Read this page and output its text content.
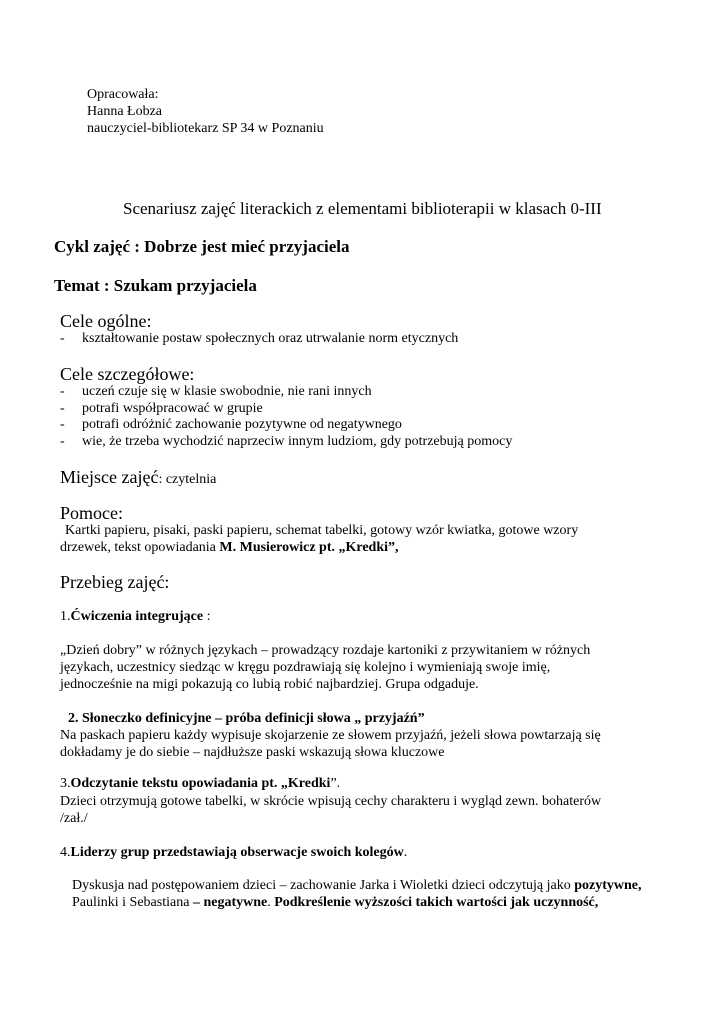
Opracowała:
Hanna Łobza
nauczyciel-bibliotekarz SP 34 w Poznaniu
Scenariusz zajęć literackich z elementami biblioterapii w klasach 0-III
Cykl zajęć : Dobrze jest mieć przyjaciela
Temat : Szukam przyjaciela
Cele ogólne:
- kształtowanie postaw społecznych oraz utrwalanie norm etycznych
Cele szczegółowe:
- uczeń czuje się w klasie swobodnie, nie rani innych
- potrafi współpracować w grupie
- potrafi odróżnić zachowanie pozytywne od negatywnego
- wie, że trzeba wychodzić naprzeciw innym ludziom, gdy potrzebują pomocy
Miejsce zajęć: czytelnia
Pomoce:
Kartki papieru, pisaki, paski papieru, schemat tabelki, gotowy wzór kwiatka, gotowe wzory
drzewek, tekst opowiadania M. Musierowicz pt. „Kredki”,
Przebieg zajęć:
1.Ćwiczenia integrujące :
„Dzień dobry” w różnych językach – prowadzący rozdaje kartoniki z przywitaniem w różnych
językach, uczestnicy siedząc w kręgu pozdrawiają się kolejno i wymieniają swoje imię,
jednocześnie na migi pokazują co lubią robić najbardziej. Grupa odgaduje.
2. Słoneczko definicyjne – próba definicji słowa „ przyjaźń”
Na paskach papieru każdy wypisuje skojarzenie ze słowem przyjaźń, jeżeli słowa powtarzają się
dokładamy je do siebie – najdłuższe paski wskazują słowa kluczowe
3.Odczytanie tekstu opowiadania pt. „Kredki”.
Dzieci otrzymują gotowe tabelki, w skrócie wpisują cechy charakteru i wygląd zewn. bohaterów
/zał./
4.Liderzy grup przedstawiają obserwacje swoich kolegów.
Dyskusja nad postępowaniem dzieci – zachowanie Jarka i Wioletki dzieci odczytują jako pozytywne,
Paulinki i Sebastiana – negatywne. Podkreślenie wyższości takich wartości jak uczynność,
